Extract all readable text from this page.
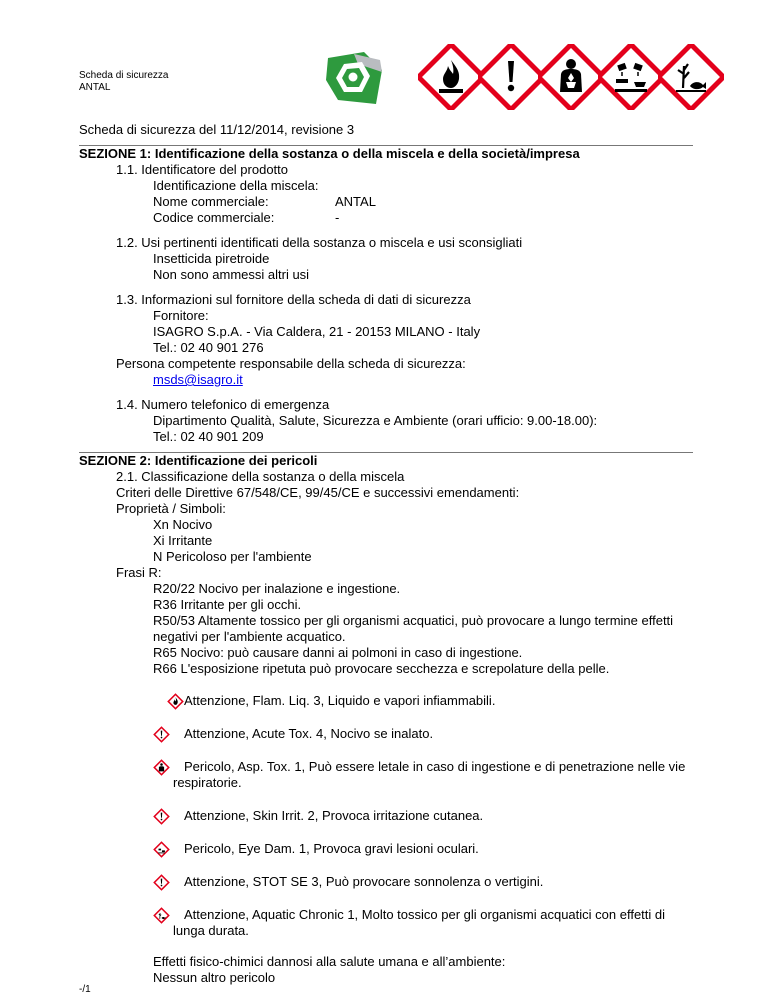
Scheda di sicurezza
ANTAL
Scheda di sicurezza del 11/12/2014, revisione 3
SEZIONE 1: Identificazione della sostanza o della miscela e della società/impresa
1.1. Identificatore del prodotto
Identificazione della miscela:
Nome commerciale:	ANTAL
Codice commerciale:	-
1.2. Usi pertinenti identificati della sostanza o miscela e usi sconsigliati
Insetticida piretroide
Non sono ammessi altri usi
1.3. Informazioni sul fornitore della scheda di dati di sicurezza
Fornitore:
ISAGRO S.p.A. - Via Caldera, 21 - 20153 MILANO - Italy
Tel.: 02 40 901 276
Persona competente responsabile della scheda di sicurezza:
msds@isagro.it
1.4. Numero telefonico di emergenza
Dipartimento Qualità, Salute, Sicurezza e Ambiente (orari ufficio: 9.00-18.00):
Tel.: 02 40 901 209
SEZIONE 2: Identificazione dei pericoli
2.1. Classificazione della sostanza o della miscela
Criteri delle Direttive 67/548/CE, 99/45/CE e successivi emendamenti:
Proprietà / Simboli:
Xn Nocivo
Xi Irritante
N Pericoloso per l'ambiente
Frasi R:
R20/22 Nocivo per inalazione e ingestione.
R36 Irritante per gli occhi.
R50/53 Altamente tossico per gli organismi acquatici, può provocare a lungo termine effetti
negativi per l'ambiente acquatico.
R65 Nocivo: può causare danni ai polmoni in caso di ingestione.
R66 L'esposizione ripetuta può provocare secchezza e screpolature della pelle.
Attenzione, Flam. Liq. 3, Liquido e vapori infiammabili.
Attenzione, Acute Tox. 4, Nocivo se inalato.
Pericolo, Asp. Tox. 1, Può essere letale in caso di ingestione e di penetrazione nelle vie
respiratorie.
Attenzione, Skin Irrit. 2, Provoca irritazione cutanea.
Pericolo, Eye Dam. 1, Provoca gravi lesioni oculari.
Attenzione, STOT SE 3, Può provocare sonnolenza o vertigini.
Attenzione, Aquatic Chronic 1, Molto tossico per gli organismi acquatici con effetti di
lunga durata.
Effetti fisico-chimici dannosi alla salute umana e all’ambiente:
Nessun altro pericolo
-/1
